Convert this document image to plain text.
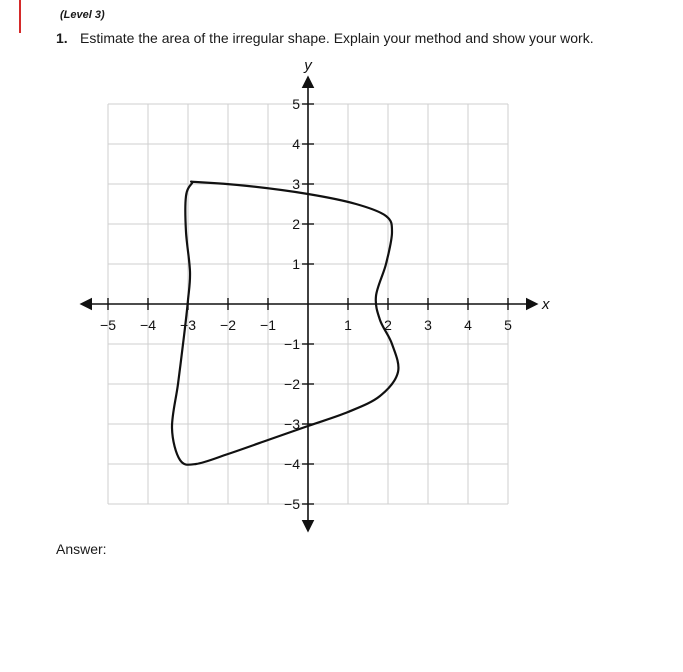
(Level 3)
1. Estimate the area of the irregular shape. Explain your method and show your work.
x
y
−5 −4 −3 −2 −1	1 2 3 4 5
5
4
3
2
1
−1
−2
−3
−4
−5
Answer:
